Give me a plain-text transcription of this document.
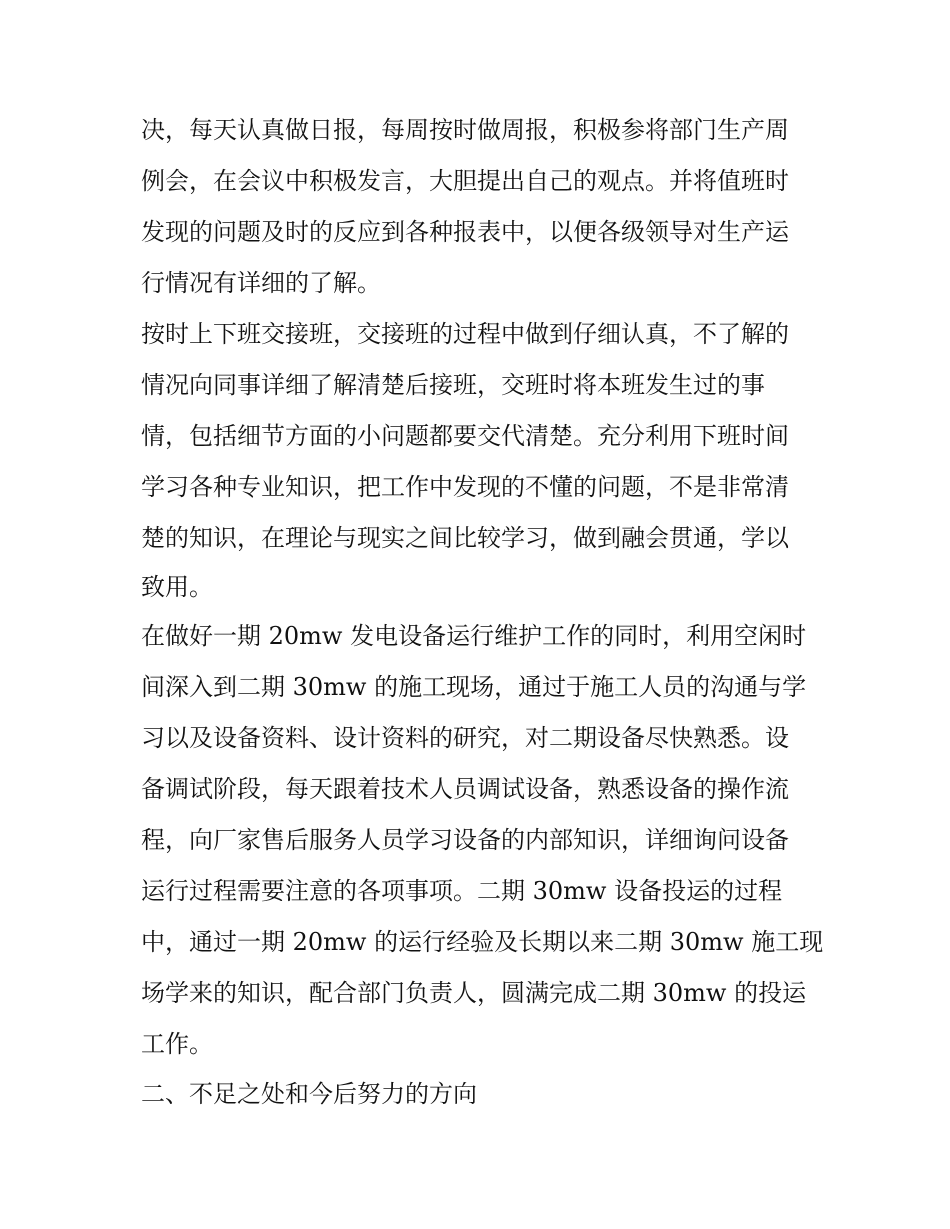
决，每天认真做日报，每周按时做周报，积极参将部门生产周
例会，在会议中积极发言，大胆提出自己的观点。并将值班时
发现的问题及时的反应到各种报表中，以便各级领导对生产运
行情况有详细的了解。
按时上下班交接班，交接班的过程中做到仔细认真，不了解的
情况向同事详细了解清楚后接班，交班时将本班发生过的事
情，包括细节方面的小问题都要交代清楚。充分利用下班时间
学习各种专业知识，把工作中发现的不懂的问题，不是非常清
楚的知识，在理论与现实之间比较学习，做到融会贯通，学以
致用。
在做好一期 20mw 发电设备运行维护工作的同时，利用空闲时
间深入到二期 30mw 的施工现场，通过于施工人员的沟通与学
习以及设备资料、设计资料的研究，对二期设备尽快熟悉。设
备调试阶段，每天跟着技术人员调试设备，熟悉设备的操作流
程，向厂家售后服务人员学习设备的内部知识，详细询问设备
运行过程需要注意的各项事项。二期 30mw 设备投运的过程
中，通过一期 20mw 的运行经验及长期以来二期 30mw 施工现
场学来的知识，配合部门负责人，圆满完成二期 30mw 的投运
工作。
二、不足之处和今后努力的方向
